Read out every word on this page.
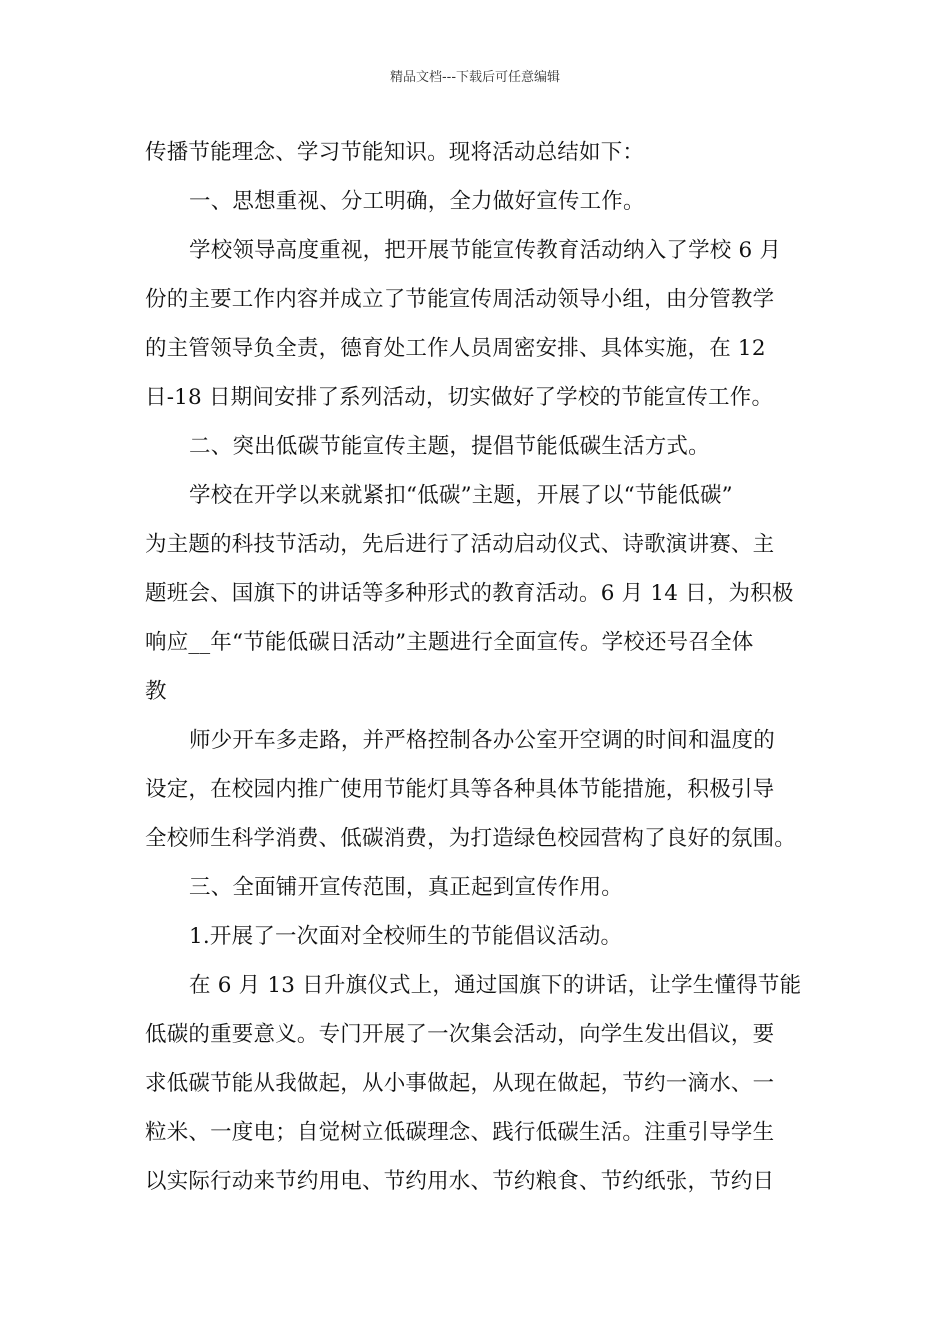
精品文档---下载后可任意编辑
传播节能理念、学习节能知识。现将活动总结如下：
一、思想重视、分工明确，全力做好宣传工作。
学校领导高度重视，把开展节能宣传教育活动纳入了学校 6 月
份的主要工作内容并成立了节能宣传周活动领导小组，由分管教学
的主管领导负全责，德育处工作人员周密安排、具体实施，在 12
日-18 日期间安排了系列活动，切实做好了学校的节能宣传工作。
二、突出低碳节能宣传主题，提倡节能低碳生活方式。
学校在开学以来就紧扣“低碳”主题，开展了以“节能低碳”
为主题的科技节活动，先后进行了活动启动仪式、诗歌演讲赛、主
题班会、国旗下的讲话等多种形式的教育活动。6 月 14 日，为积极
响应__年“节能低碳日活动”主题进行全面宣传。学校还号召全体
教
师少开车多走路，并严格控制各办公室开空调的时间和温度的
设定，在校园内推广使用节能灯具等各种具体节能措施，积极引导
全校师生科学消费、低碳消费，为打造绿色校园营构了良好的氛围。
三、全面铺开宣传范围，真正起到宣传作用。
1.开展了一次面对全校师生的节能倡议活动。
在 6 月 13 日升旗仪式上，通过国旗下的讲话，让学生懂得节能
低碳的重要意义。专门开展了一次集会活动，向学生发出倡议，要
求低碳节能从我做起，从小事做起，从现在做起，节约一滴水、一
粒米、一度电；自觉树立低碳理念、践行低碳生活。注重引导学生
以实际行动来节约用电、节约用水、节约粮食、节约纸张，节约日
